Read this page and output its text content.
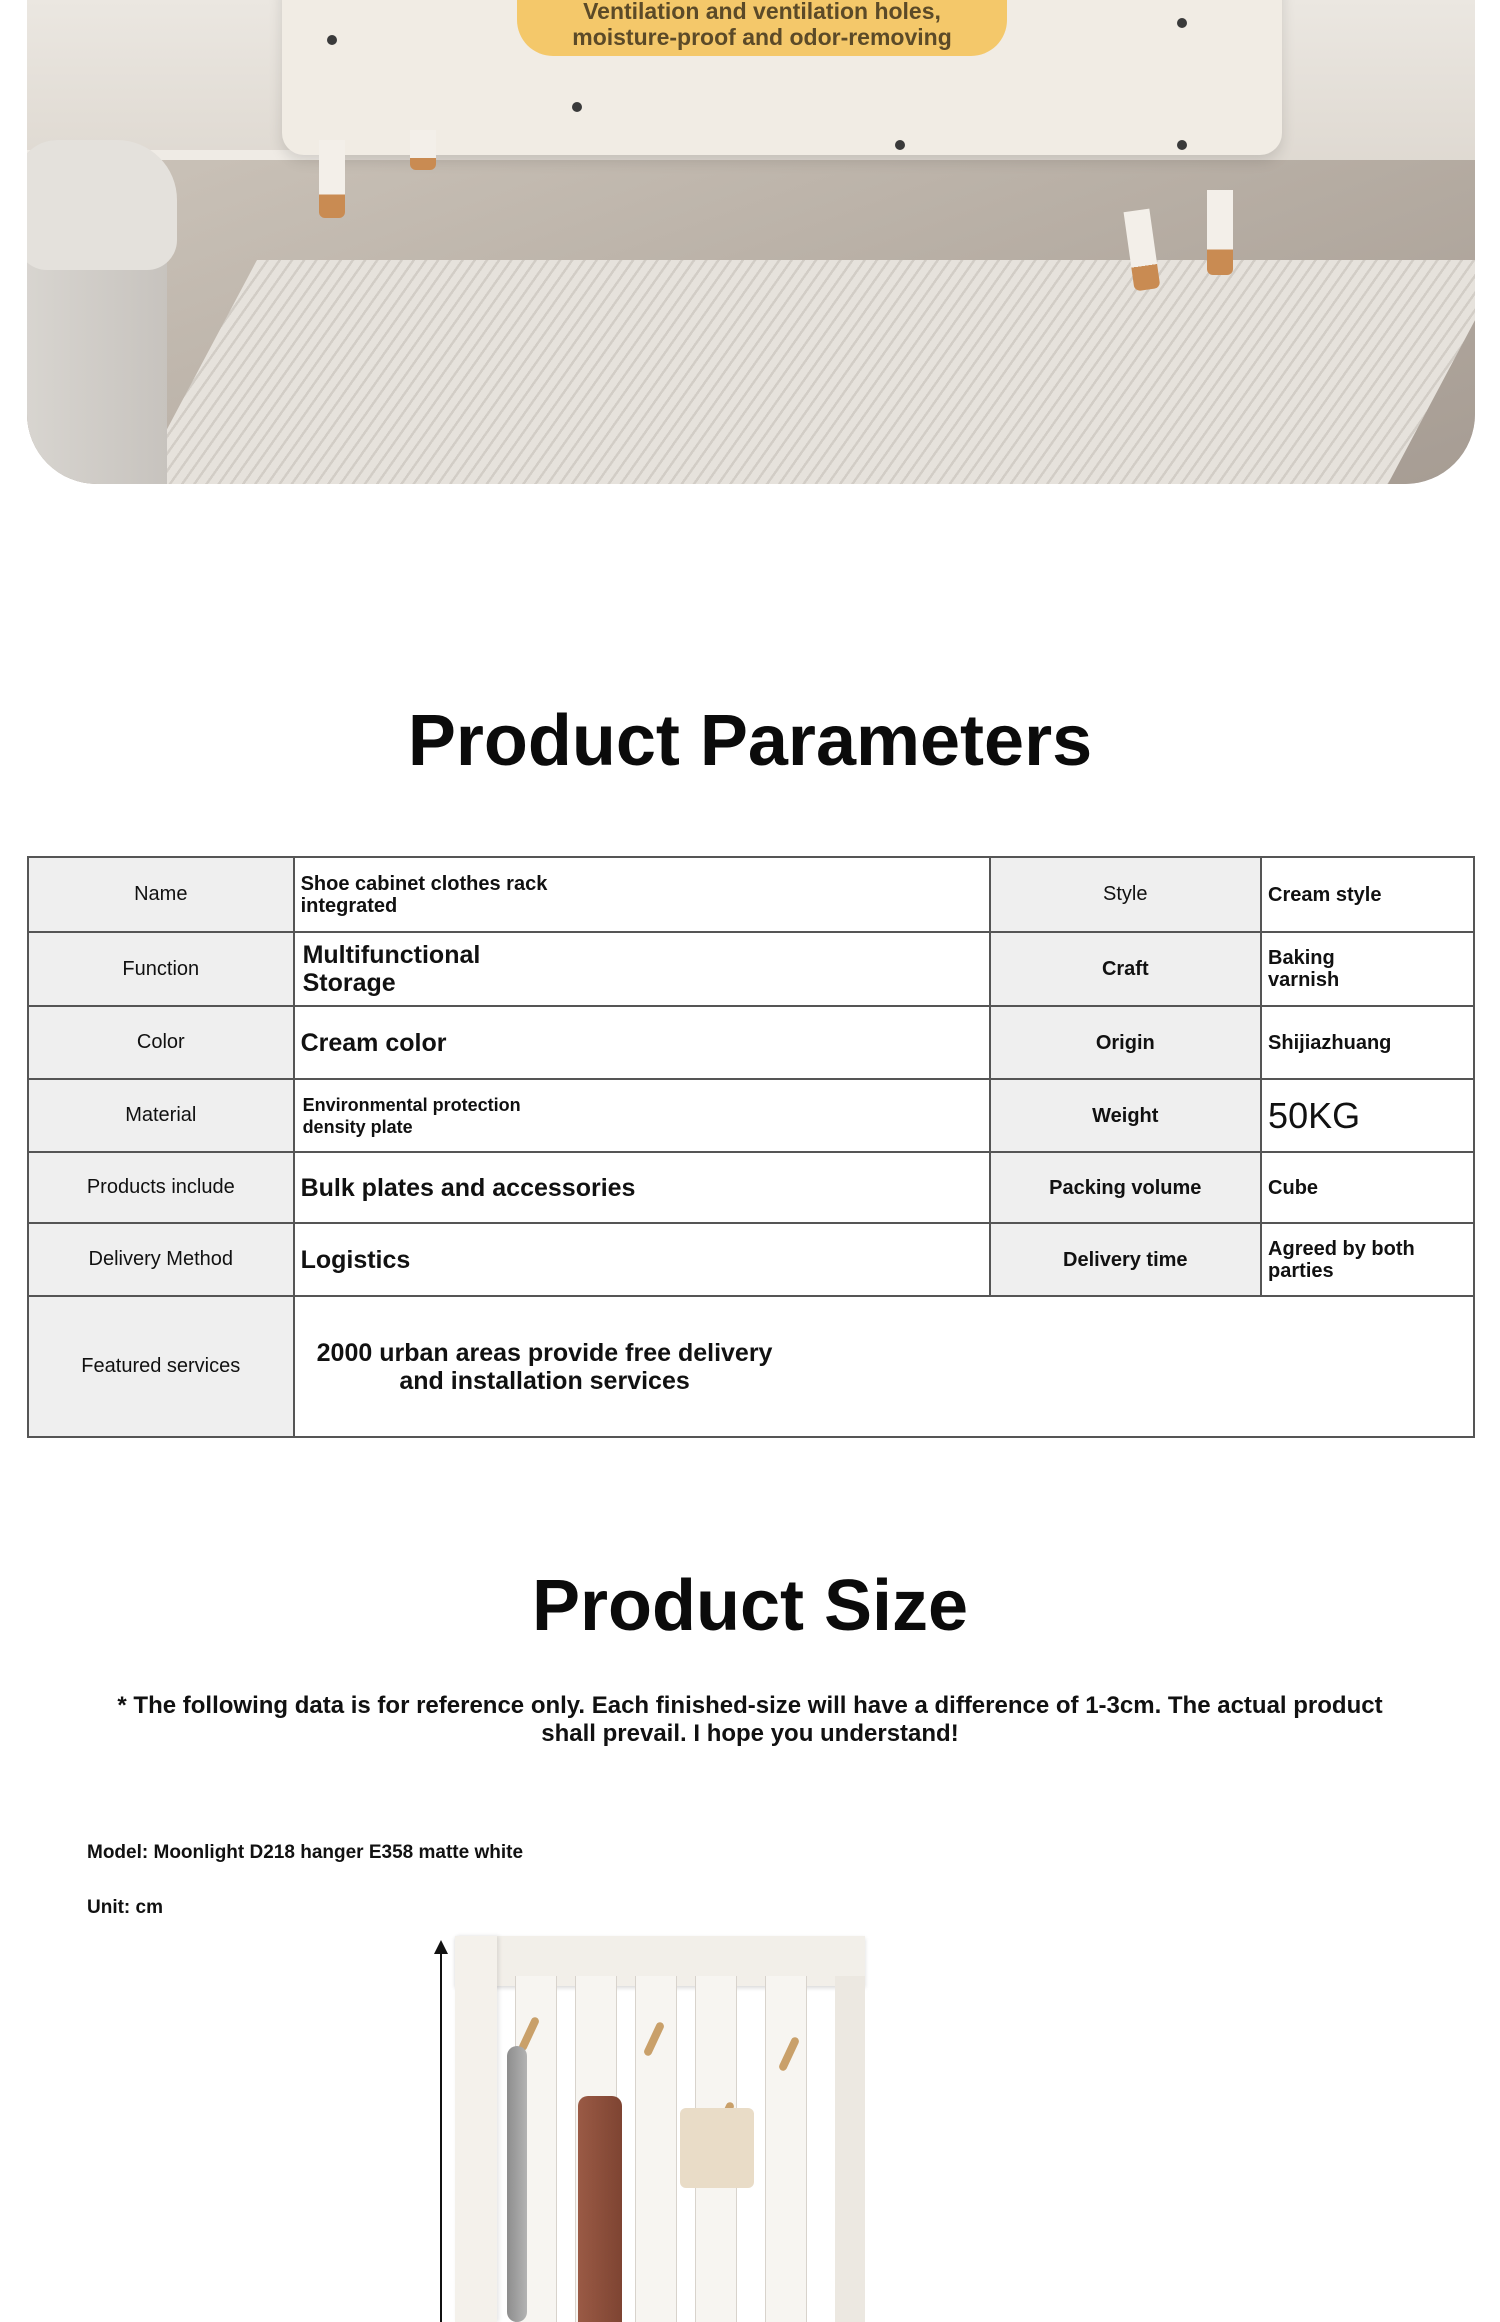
Ventilation and ventilation holes,
moisture-proof and odor-removing
Product Parameters
Name	Shoe cabinet clothes rack integrated	Style	Cream style
Function	Multifunctional Storage	Craft	Baking varnish

Color	Cream color	Origin	Shijiazhuang
Material	Environmental protection density plate	Weight	50KG
Products include	Bulk plates and accessories	Packing volume	Cube
Delivery Method	Logistics	Delivery time	Agreed by both parties

Featured services	2000 urban areas provide free delivery and installation services		
Product Size
* The following data is for reference only. Each finished-size will have a difference of 1-3cm. The actual product shall prevail. I hope you understand!
Model: Moonlight D218 hanger E358 matte white
Unit: cm
